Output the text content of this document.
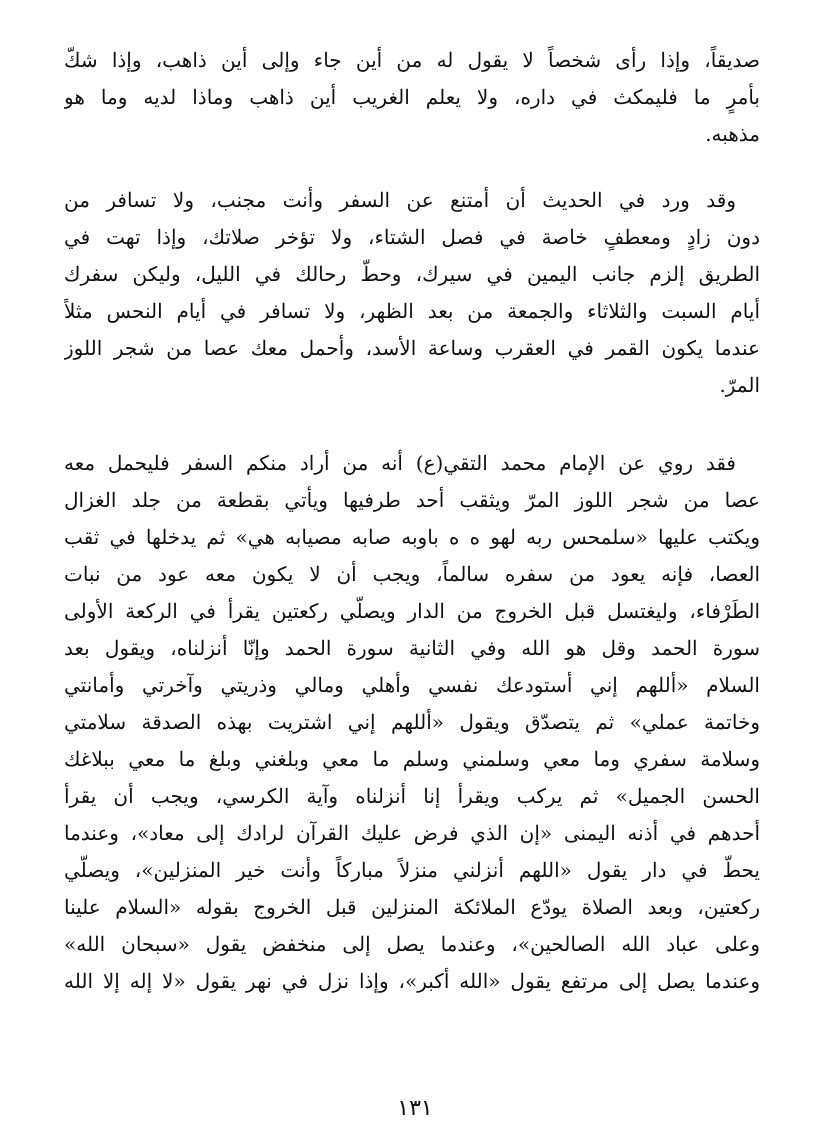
صديقاً، وإذا رأى شخصاً لا يقول له من أين جاء وإلى أين ذاهب، وإذا شكّ
بأمرٍ ما فليمكث في داره، ولا يعلم الغريب أين ذاهب وماذا لديه وما هو
مذهبه.
وقد ورد في الحديث أن أمتنع عن السفر وأنت مجنب، ولا تسافر من
دون زادٍ ومعطفٍ خاصة في فصل الشتاء، ولا تؤخر صلاتك، وإذا تهت في
الطريق إلزم جانب اليمين في سيرك، وحطّ رحالك في الليل، وليكن سفرك
أيام السبت والثلاثاء والجمعة من بعد الظهر، ولا تسافر في أيام النحس مثلاً
عندما يكون القمر في العقرب وساعة الأسد، وأحمل معك عصا من شجر اللوز
المرّ.
فقد روي عن الإمام محمد التقي(ع) أنه من أراد منكم السفر فليحمل معه
عصا من شجر اللوز المرّ ويثقب أحد طرفيها ويأتي بقطعة من جلد الغزال
ويكتب عليها «سلمحس ربه لهو ه ه باوبه صابه مصيابه هي» ثم يدخلها في ثقب
العصا، فإنه يعود من سفره سالماً، ويجب أن لا يكون معه عود من نبات
الطَرْفاء، وليغتسل قبل الخروج من الدار ويصلّي ركعتين يقرأ في الركعة الأولى
سورة الحمد وقل هو الله وفي الثانية سورة الحمد وإنّا أنزلناه، ويقول بعد
السلام «أللهم إني أستودعك نفسي وأهلي ومالي وذريتي وآخرتي وأمانتي
وخاتمة عملي» ثم يتصدّق ويقول «أللهم إني اشتريت بهذه الصدقة سلامتي
وسلامة سفري وما معي وسلمني وسلم ما معي وبلغني وبلغ ما معي ببلاغك
الحسن الجميل» ثم يركب ويقرأ إنا أنزلناه وآية الكرسي، ويجب أن يقرأ
أحدهم في أذنه اليمنى «إن الذي فرض عليك القرآن لرادك إلى معاد»، وعندما
يحطّ في دار يقول «اللهم أنزلني منزلاً مباركاً وأنت خير المنزلين»، ويصلّي
ركعتين، وبعد الصلاة يودّع الملائكة المنزلين قبل الخروج بقوله «السلام علينا
وعلى عباد الله الصالحين»، وعندما يصل إلى منخفض يقول «سبحان الله»
وعندما يصل إلى مرتفع يقول «الله أكبر»، وإذا نزل في نهر يقول «لا إله إلا الله
١٣١
